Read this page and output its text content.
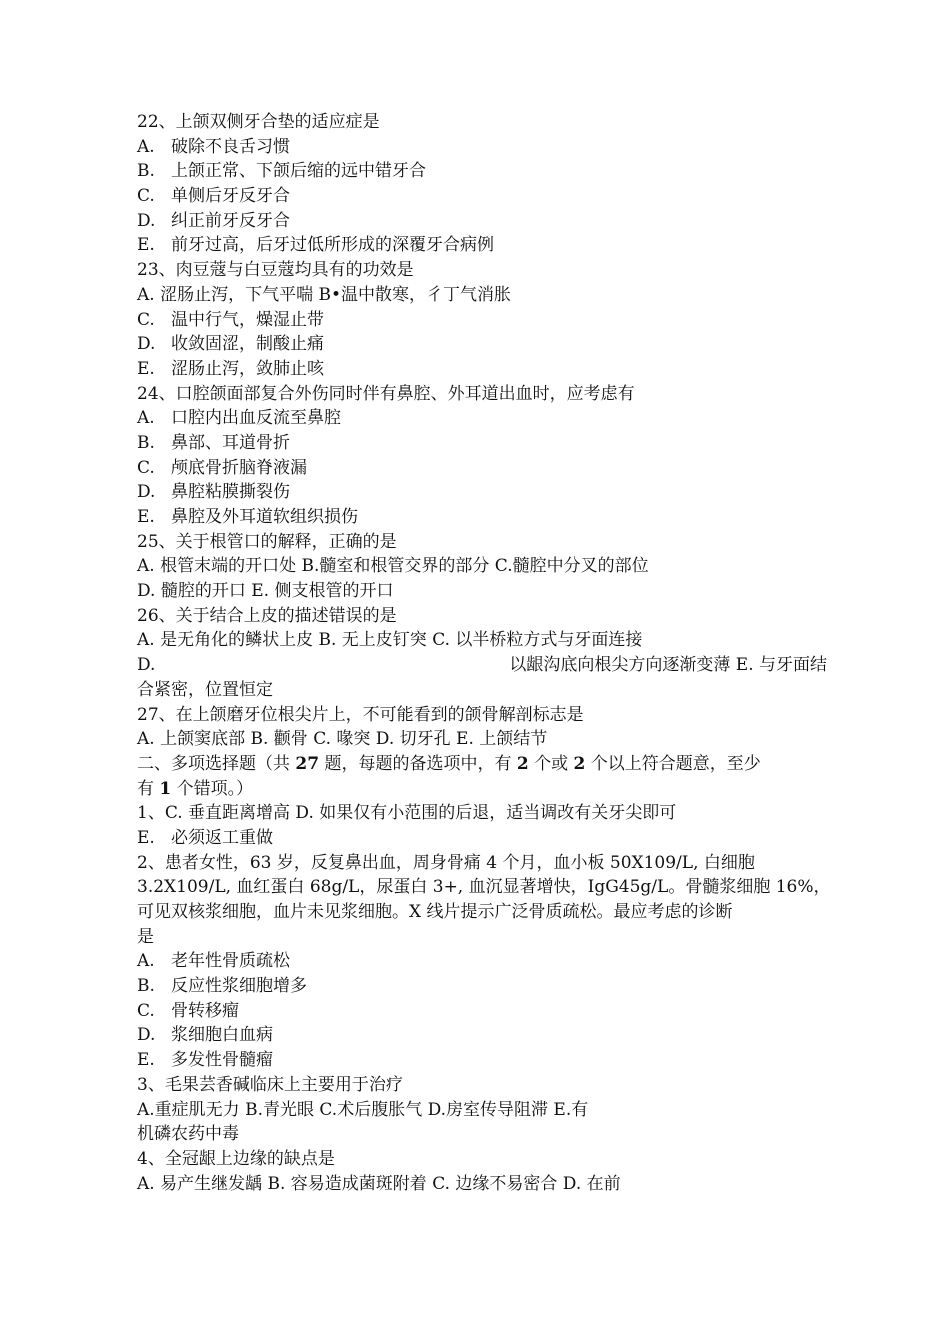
22、上颌双侧牙合垫的适应症是
A. 破除不良舌习惯
B. 上颌正常、下颌后缩的远中错牙合
C. 单侧后牙反牙合
D. 纠正前牙反牙合
E. 前牙过高，后牙过低所形成的深覆牙合病例
23、肉豆蔻与白豆蔻均具有的功效是
A. 涩肠止泻，下气平喘 B•温中散寒，彳丁气消胀
C. 温中行气，燥湿止带
D. 收敛固涩，制酸止痛
E. 涩肠止泻，敛肺止咳
24、口腔颌面部复合外伤同时伴有鼻腔、外耳道出血时，应考虑有
A. 口腔内出血反流至鼻腔
B. 鼻部、耳道骨折
C. 颅底骨折脑脊液漏
D. 鼻腔粘膜撕裂伤
E. 鼻腔及外耳道软组织损伤
25、关于根管口的解释，正确的是
A. 根管末端的开口处 B.髓室和根管交界的部分 C.髓腔中分叉的部位
D. 髓腔的开口 E. 侧支根管的开口
26、关于结合上皮的描述错误的是
A. 是无角化的鳞状上皮 B. 无上皮钉突 C. 以半桥粒方式与牙面连接
D.	以龈沟底向根尖方向逐渐变薄 E. 与牙面结
合紧密，位置恒定
27、在上颌磨牙位根尖片上，不可能看到的颌骨解剖标志是
A. 上颌窦底部 B. 颧骨 C. 喙突 D. 切牙孔 E. 上颌结节
二、多项选择题（共 27 题，每题的备选项中，有 2 个或 2 个以上符合题意，至少
有 1 个错项。）
1、C. 垂直距离增高 D. 如果仅有小范围的后退，适当调改有关牙尖即可
E. 必须返工重做
2、患者女性，63 岁，反复鼻出血，周身骨痛 4 个月，血小板 50X109/L, 白细胞
3.2X109/L, 血红蛋白 68g/L，尿蛋白 3+, 血沉显著增快，IgG45g/L。骨髓浆细胞 16%，
可见双核浆细胞，血片未见浆细胞。X 线片提示广泛骨质疏松。最应考虑的诊断
是
A. 老年性骨质疏松
B. 反应性浆细胞增多
C. 骨转移瘤
D. 浆细胞白血病
E. 多发性骨髓瘤
3、毛果芸香碱临床上主要用于治疗
A.重症肌无力 B.青光眼 C.术后腹胀气 D.房室传导阻滞 E.有
机磷农药中毒
4、全冠龈上边缘的缺点是
A. 易产生继发龋 B. 容易造成菌斑附着 C. 边缘不易密合 D. 在前
